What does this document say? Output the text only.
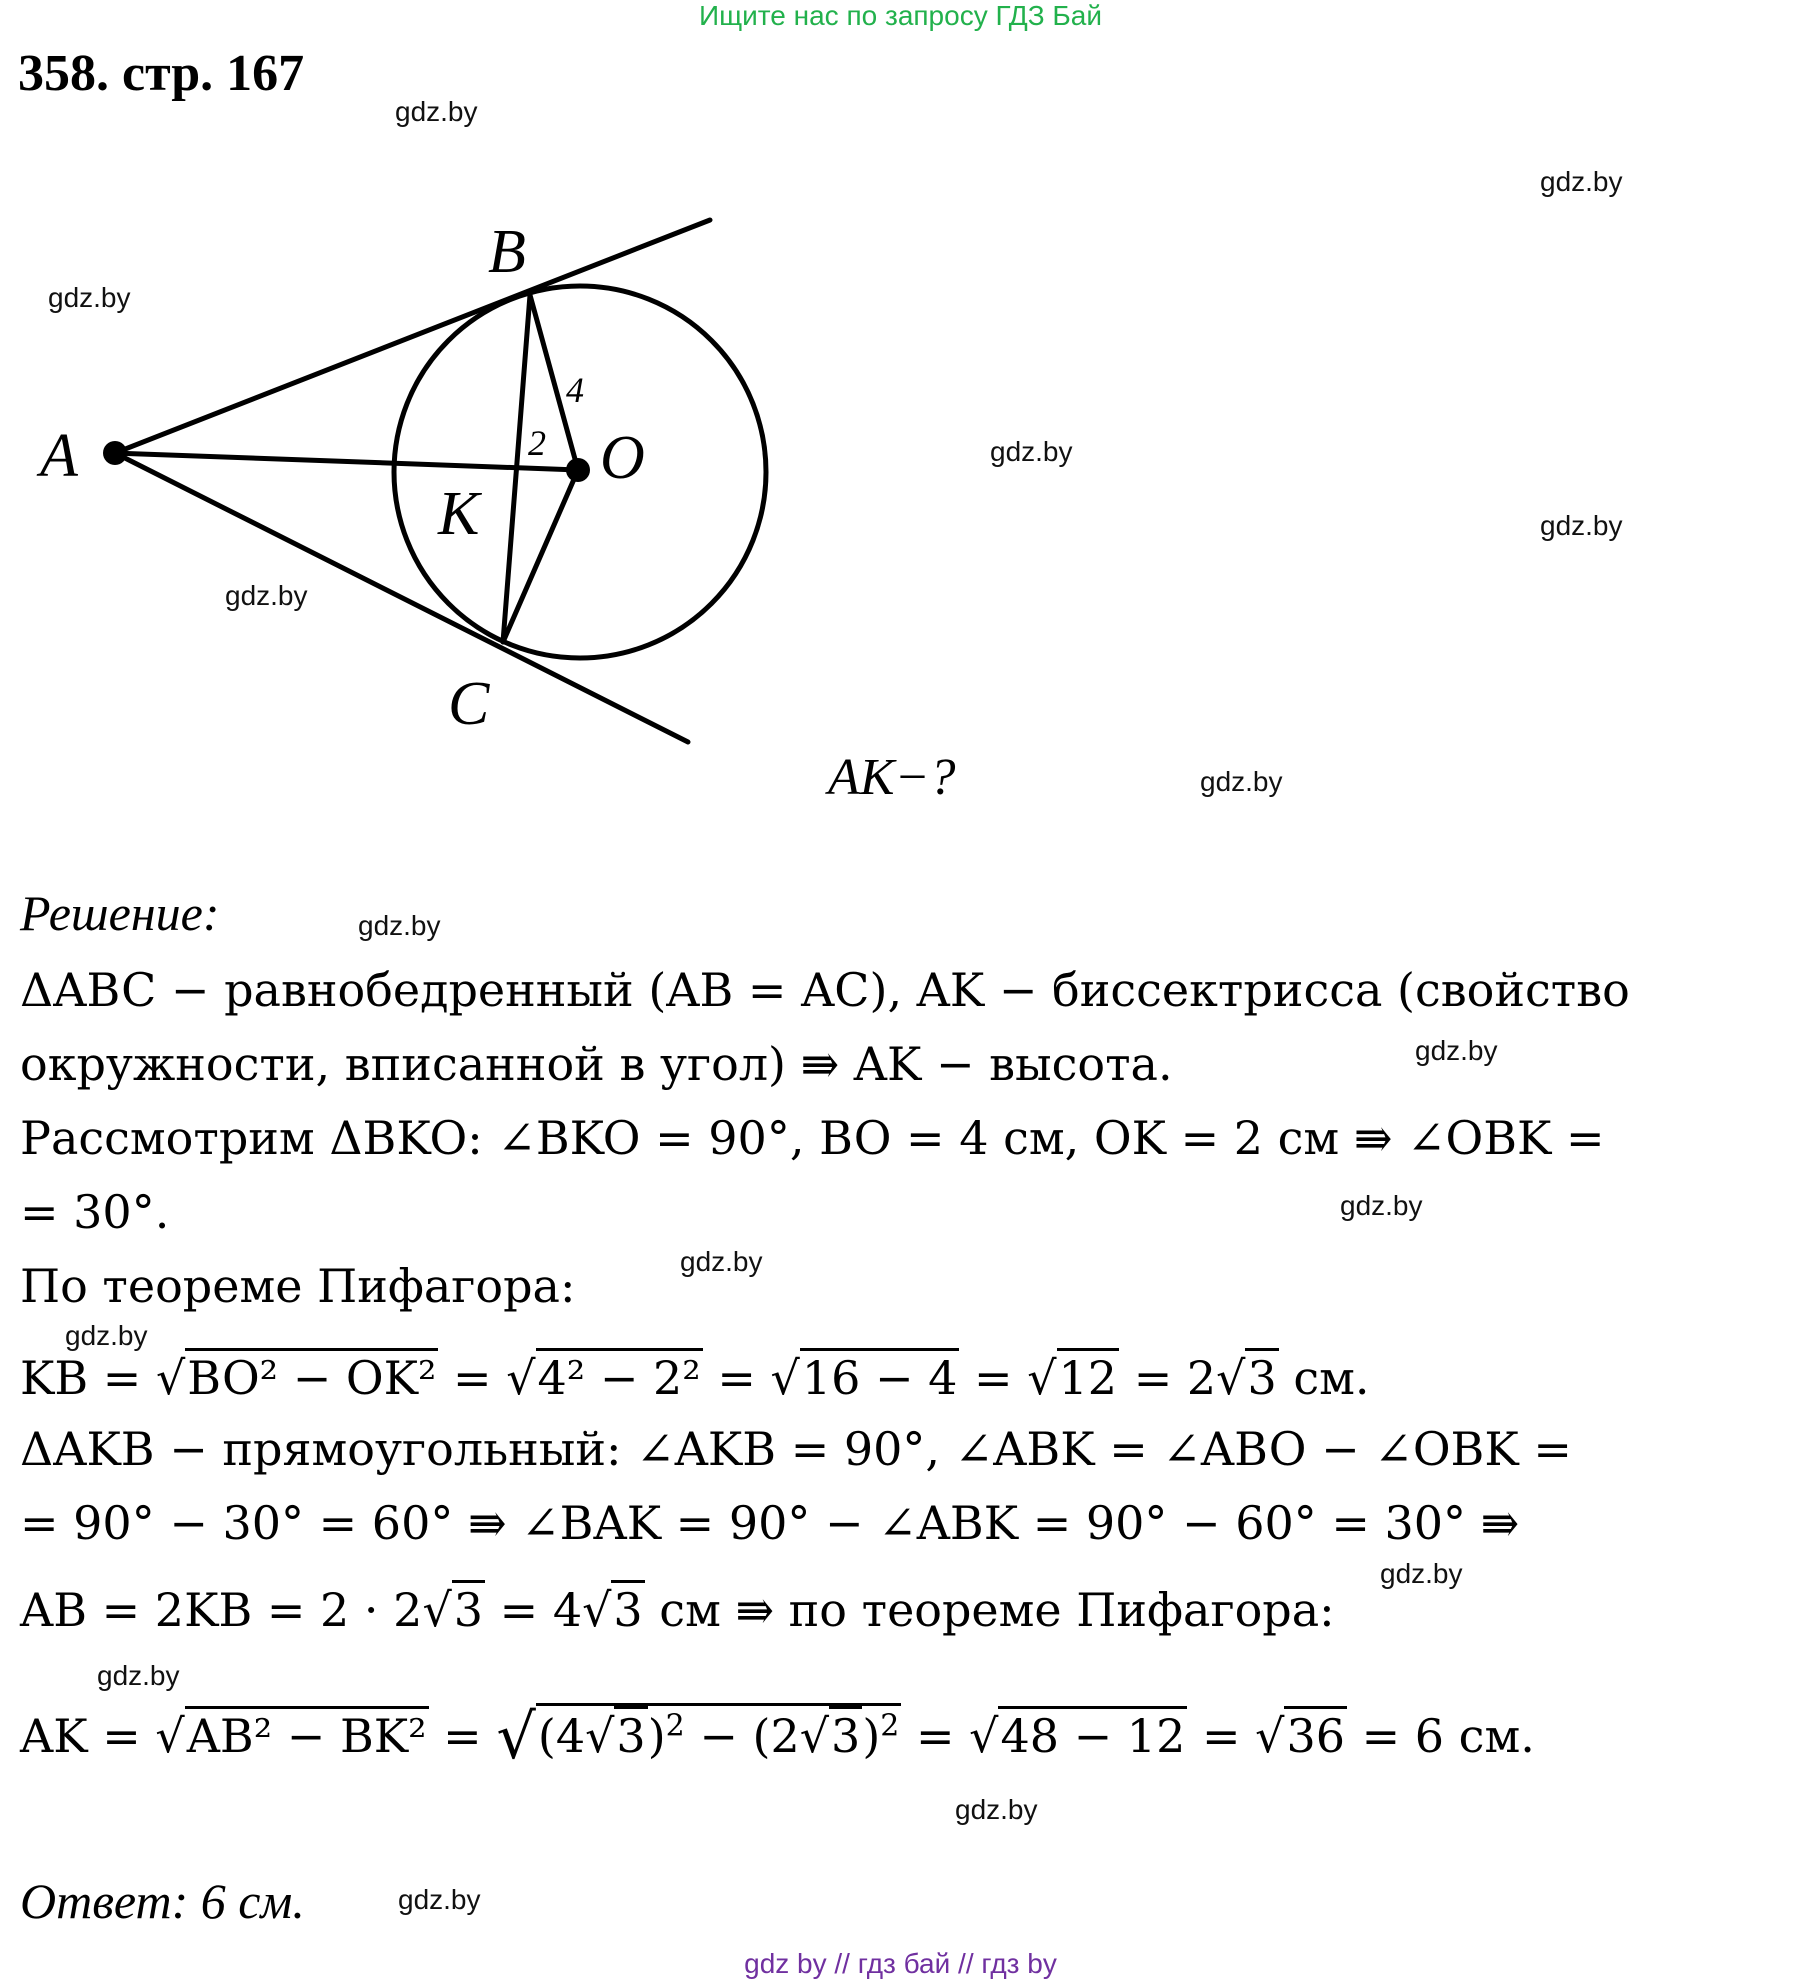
Ищите нас по запросу ГДЗ Бай
358. стр. 167
gdz.by
gdz.by
gdz.by
gdz.by
gdz.by
gdz.by
gdz.by
gdz.by
gdz.by
gdz.by
gdz.by
gdz.by
gdz.by
gdz.by
gdz.by
gdz.by
A
B
C
O
K
4
2
AK−?
Решение:
ΔABC − равнобедренный (AB = AC), AK − биссектрисса (свойство
окружности, вписанной в угол) ⇛ AK − высота.
Рассмотрим ΔBKO: ∠BKO = 90°, BO = 4 см, OK = 2 см ⇛ ∠OBK =
= 30°.
По теореме Пифагора:
KB = √BO² − OK² = √4² − 2² = √16 − 4 = √12 = 2√3 см.
ΔAKB − прямоугольный: ∠AKB = 90°, ∠ABK = ∠ABO − ∠OBK =
= 90° − 30° = 60° ⇛ ∠BAK = 90° − ∠ABK = 90° − 60° = 30° ⇛
AB = 2KB = 2 · 2√3 = 4√3 см ⇛ по теореме Пифагора:
AK = $√AB^2 - BK^2 = √(4√3)^2 - (2√3)^2 = √48 - 12 = √36 = 6$ см.
Ответ: 6 см.
gdz by // гдз бай // гдз by
